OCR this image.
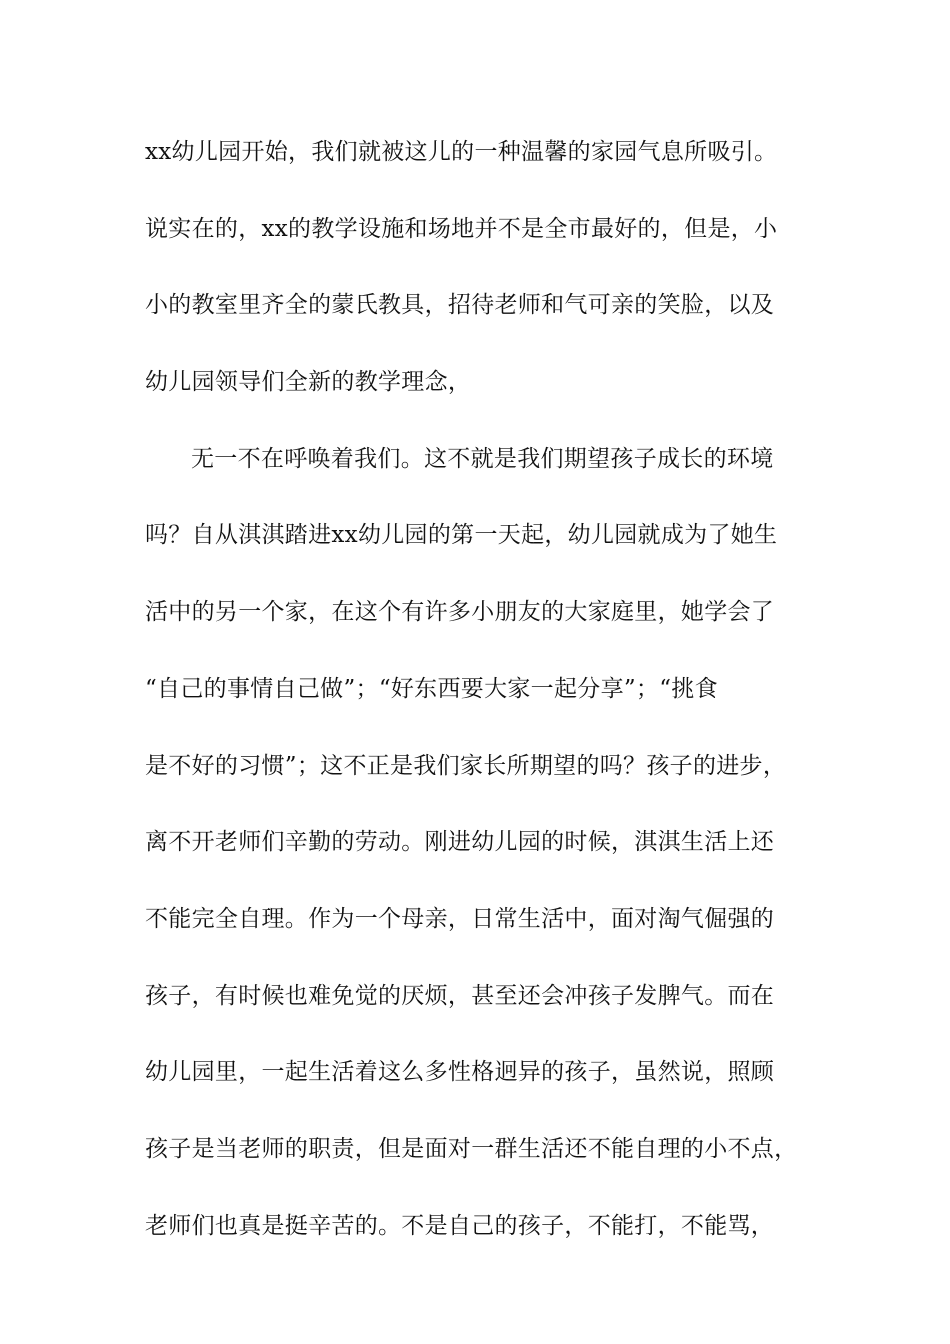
xx幼儿园开始，我们就被这儿的一种温馨的家园气息所吸引。
说实在的，xx的教学设施和场地并不是全市最好的，但是，小
小的教室里齐全的蒙氏教具，招待老师和气可亲的笑脸，以及
幼儿园领导们全新的教学理念，
无一不在呼唤着我们。这不就是我们期望孩子成长的环境
吗？自从淇淇踏进xx幼儿园的第一天起，幼儿园就成为了她生
活中的另一个家，在这个有许多小朋友的大家庭里，她学会了
“自己的事情自己做”；“好东西要大家一起分享”；“挑食
是不好的习惯”；这不正是我们家长所期望的吗？孩子的进步，
离不开老师们辛勤的劳动。刚进幼儿园的时候，淇淇生活上还
不能完全自理。作为一个母亲，日常生活中，面对淘气倔强的
孩子，有时候也难免觉的厌烦，甚至还会冲孩子发脾气。而在
幼儿园里，一起生活着这么多性格迥异的孩子，虽然说，照顾
孩子是当老师的职责，但是面对一群生活还不能自理的小不点，
老师们也真是挺辛苦的。不是自己的孩子，不能打，不能骂，
